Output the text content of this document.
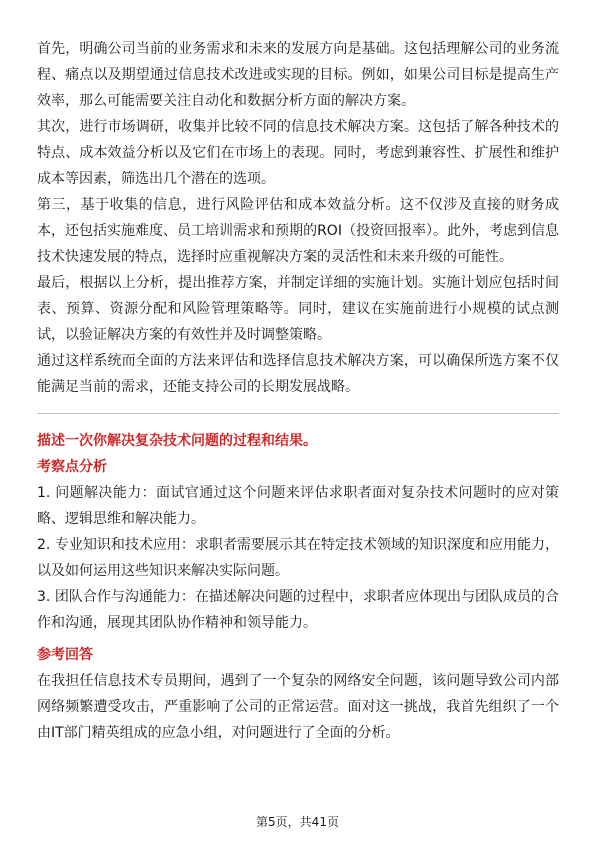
首先，明确公司当前的业务需求和未来的发展方向是基础。这包括理解公司的业务流程、痛点以及期望通过信息技术改进或实现的目标。例如，如果公司目标是提高生产效率，那么可能需要关注自动化和数据分析方面的解决方案。

其次，进行市场调研，收集并比较不同的信息技术解决方案。这包括了解各种技术的特点、成本效益分析以及它们在市场上的表现。同时，考虑到兼容性、扩展性和维护成本等因素，筛选出几个潜在的选项。

第三，基于收集的信息，进行风险评估和成本效益分析。这不仅涉及直接的财务成本，还包括实施难度、员工培训需求和预期的ROI（投资回报率）。此外，考虑到信息技术快速发展的特点，选择时应重视解决方案的灵活性和未来升级的可能性。

最后，根据以上分析，提出推荐方案，并制定详细的实施计划。实施计划应包括时间表、预算、资源分配和风险管理策略等。同时，建议在实施前进行小规模的试点测试，以验证解决方案的有效性并及时调整策略。

通过这样系统而全面的方法来评估和选择信息技术解决方案，可以确保所选方案不仅能满足当前的需求，还能支持公司的长期发展战略。

描述一次你解决复杂技术问题的过程和结果。

考察点分析

1. 问题解决能力：面试官通过这个问题来评估求职者面对复杂技术问题时的应对策略、逻辑思维和解决能力。

2. 专业知识和技术应用：求职者需要展示其在特定技术领域的知识深度和应用能力，以及如何运用这些知识来解决实际问题。

3. 团队合作与沟通能力：在描述解决问题的过程中，求职者应体现出与团队成员的合作和沟通，展现其团队协作精神和领导能力。

参考回答

在我担任信息技术专员期间，遇到了一个复杂的网络安全问题，该问题导致公司内部网络频繁遭受攻击，严重影响了公司的正常运营。面对这一挑战，我首先组织了一个由IT部门精英组成的应急小组，对问题进行了全面的分析。

第5页，共41页
